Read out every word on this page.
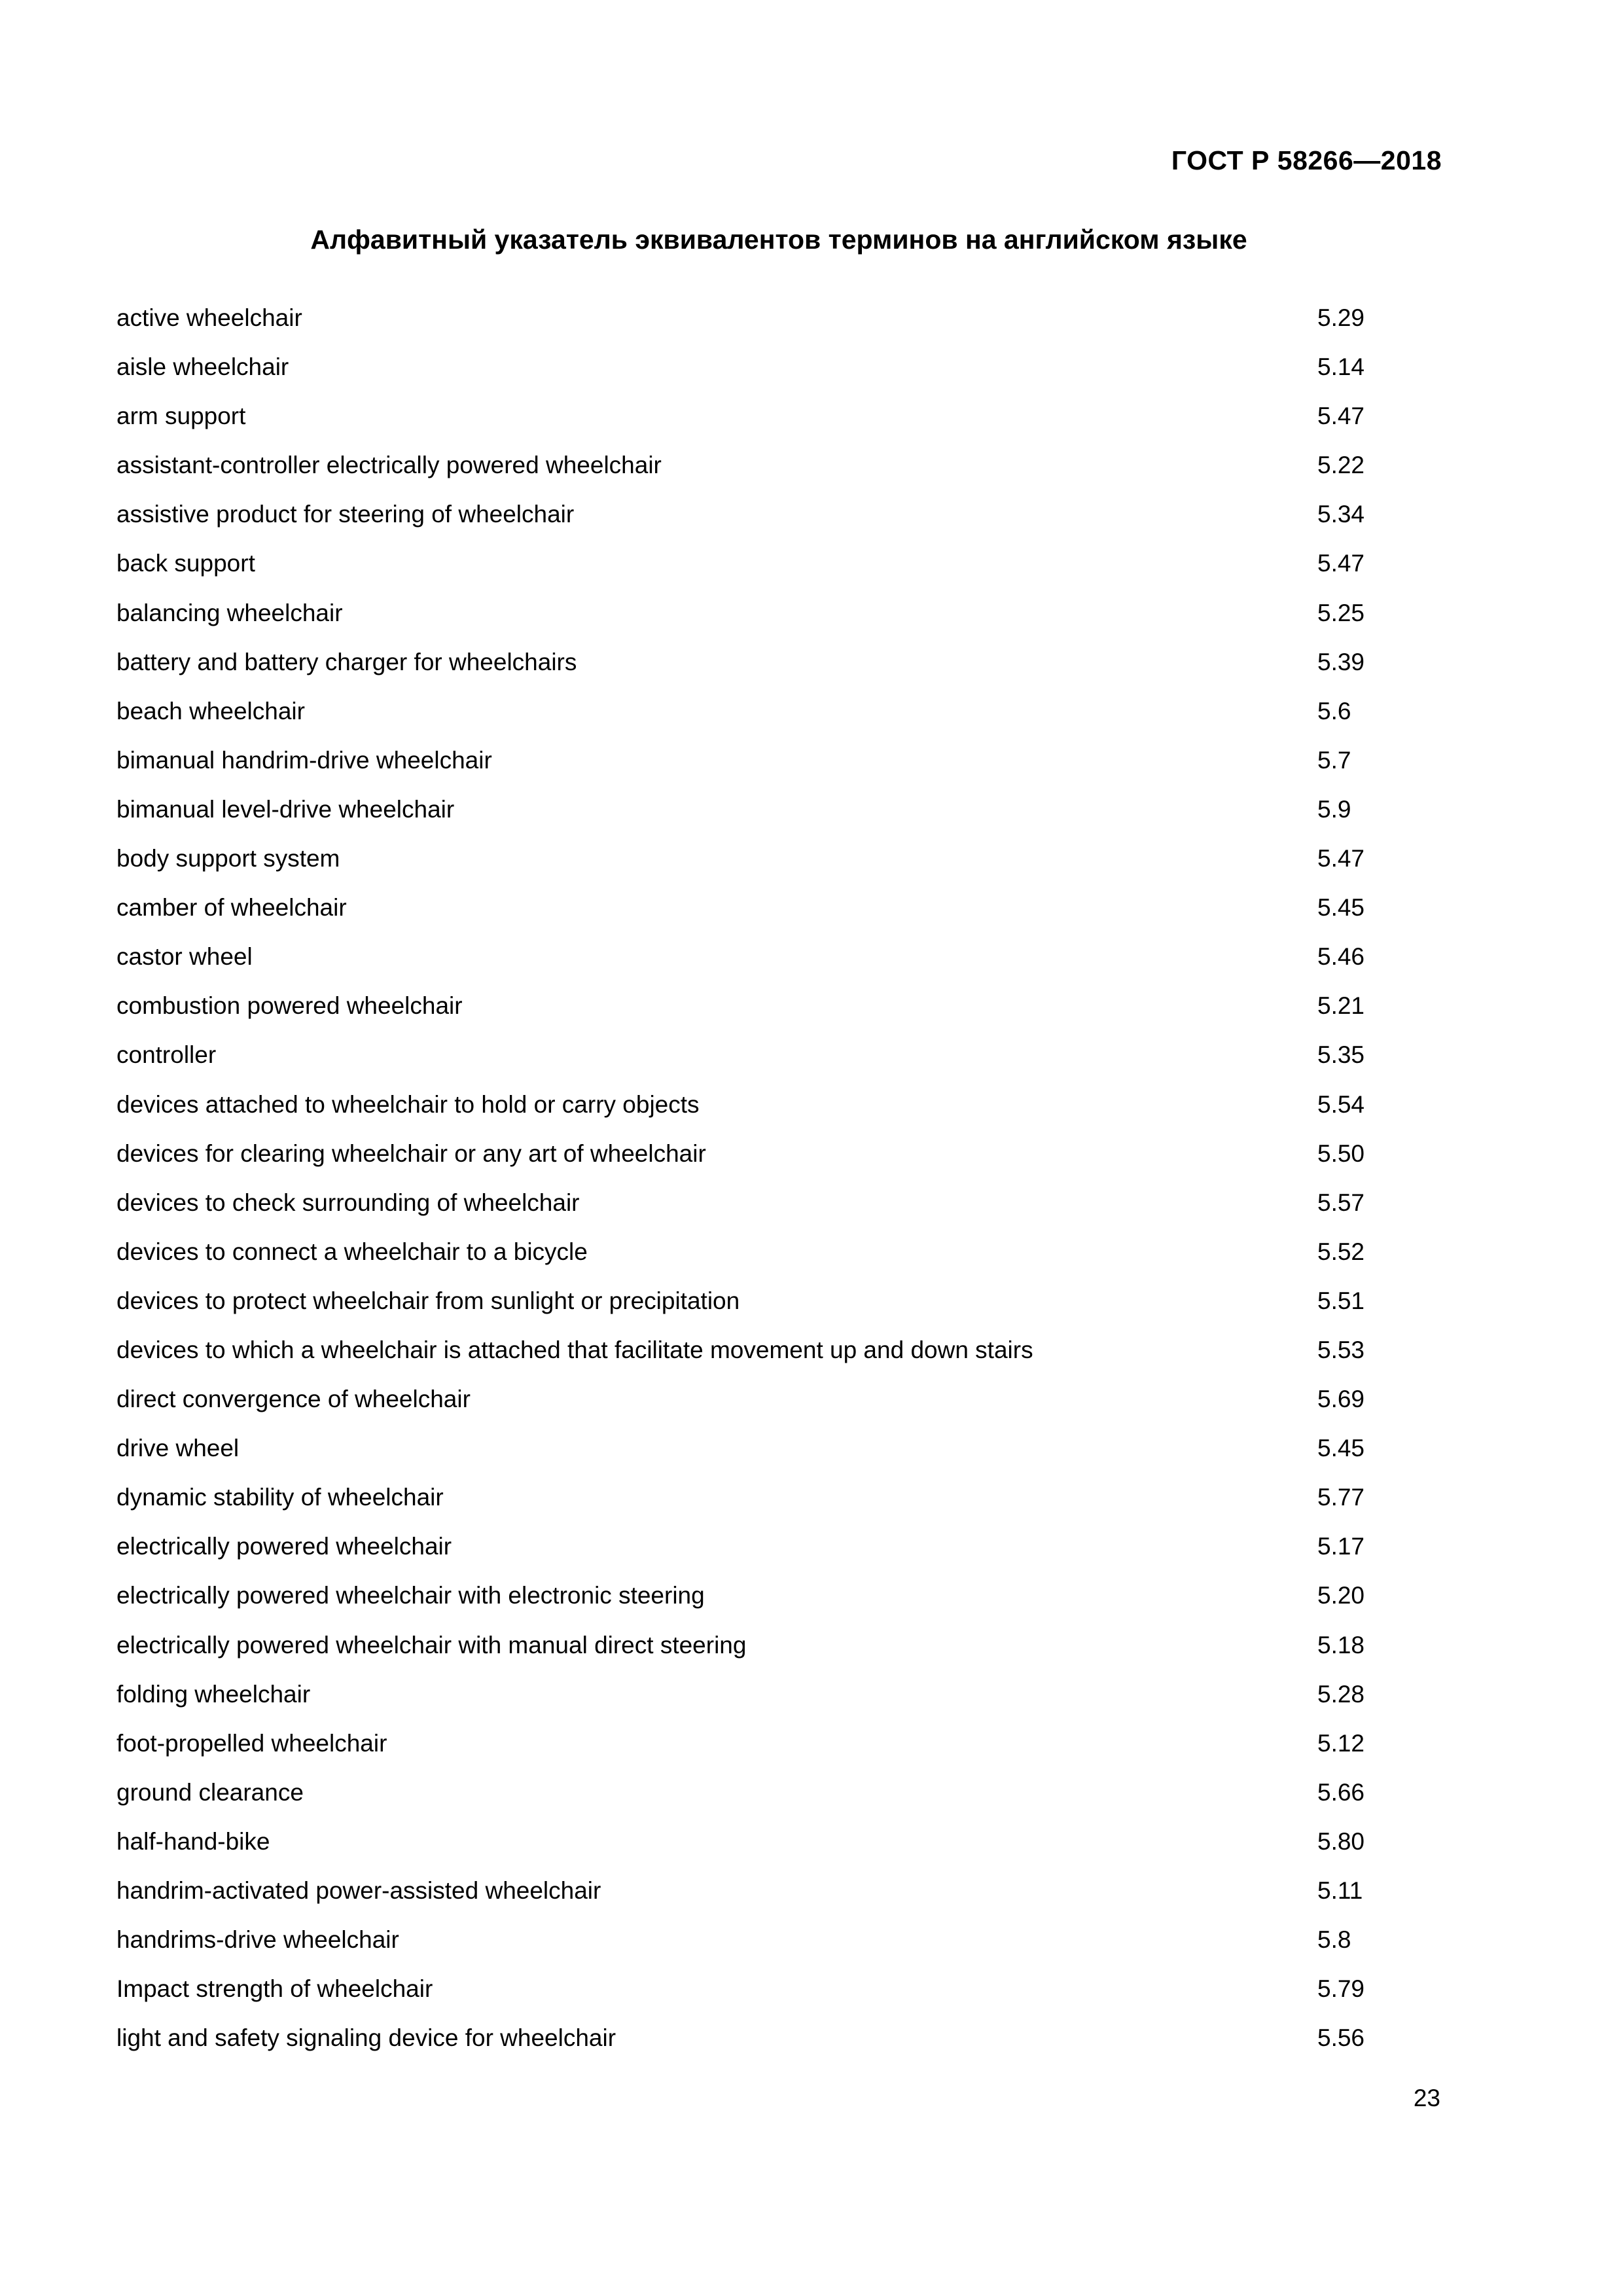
ГОСТ Р 58266—2018
Алфавитный указатель эквивалентов терминов на английском языке
active wheelchair	5.29
aisle wheelchair	5.14
arm support	5.47
assistant-controller electrically powered wheelchair	5.22
assistive product for steering of wheelchair	5.34
back support	5.47
balancing wheelchair	5.25
battery and battery charger for wheelchairs	5.39
beach wheelchair	5.6
bimanual handrim-drive wheelchair	5.7
bimanual level-drive wheelchair	5.9
body support system	5.47
camber of wheelchair	5.45
castor wheel	5.46
combustion powered wheelchair	5.21
controller	5.35
devices attached to wheelchair to hold or carry objects	5.54
devices for clearing wheelchair or any art of wheelchair	5.50
devices to check surrounding of wheelchair	5.57
devices to connect a wheelchair to a bicycle	5.52
devices to protect wheelchair from sunlight or precipitation	5.51
devices to which a wheelchair is attached that facilitate movement up and down stairs	5.53
direct convergence of wheelchair	5.69
drive wheel	5.45
dynamic stability of wheelchair	5.77
electrically powered wheelchair	5.17
electrically powered wheelchair with electronic steering	5.20
electrically powered wheelchair with manual direct steering	5.18
folding wheelchair	5.28
foot-propelled wheelchair	5.12
ground clearance	5.66
half-hand-bike	5.80
handrim-activated power-assisted wheelchair	5.11
handrims-drive wheelchair	5.8
Impact strength of wheelchair	5.79
light and safety signaling device for wheelchair	5.56
23
